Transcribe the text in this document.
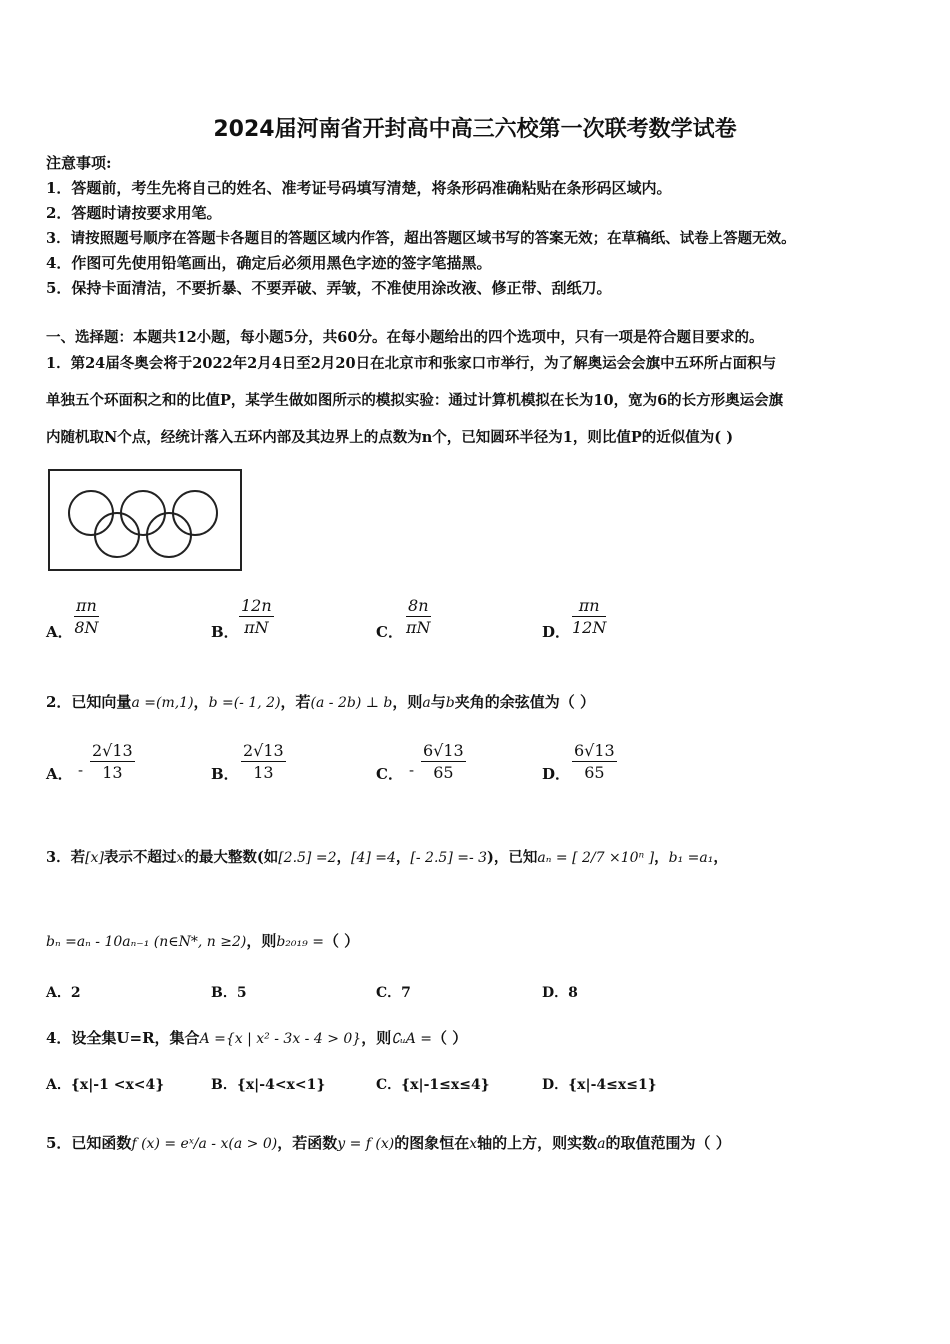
2024届河南省开封高中高三六校第一次联考数学试卷
注意事项:
1．答题前，考生先将自己的姓名、准考证号码填写清楚，将条形码准确粘贴在条形码区域内。
2．答题时请按要求用笔。
3．请按照题号顺序在答题卡各题目的答题区域内作答，超出答题区域书写的答案无效；在草稿纸、试卷上答题无效。
4．作图可先使用铅笔画出，确定后必须用黑色字迹的签字笔描黑。
5．保持卡面清洁，不要折暴、不要弄破、弄皱，不准使用涂改液、修正带、刮纸刀。
一、选择题：本题共12小题，每小题5分，共60分。在每小题给出的四个选项中，只有一项是符合题目要求的。
1．第24届冬奥会将于2022年2月4日至2月20日在北京市和张家口市举行，为了解奥运会会旗中五环所占面积与
单独五个环面积之和的比值P，某学生做如图所示的模拟实验：通过计算机模拟在长为10，宽为6的长方形奥运会旗
内随机取N个点，经统计落入五环内部及其边界上的点数为n个，已知圆环半径为1，则比值P的近似值为( )
A． $\frac{\pi n}{8N}$	B． $\frac{12n}{\pi N}$	C． $\frac{8n}{\pi N}$	D． $\frac{\pi n}{12N}$
2．已知向量a =(m,1)，b =(- 1, 2)，若(a - 2b) ⊥ b，则a与b夹角的余弦值为（ ）
A． - $\frac{2√13}{13}$	B． $\frac{2√13}{13}$	C． - $\frac{6√13}{65}$	D． $\frac{6√13}{65}$
3．若[x]表示不超过x的最大整数(如[2.5] =2，[4] =4，[- 2.5] =- 3)，已知aₙ = [ 2/7 ×10ⁿ ]，b₁ =a₁，
bₙ =aₙ - 10aₙ₋₁ (n∈N*, n ≥2)，则b₂₀₁₉ =（ ）
A．2	B．5	C．7	D．8
4．设全集U=R，集合A ={x | x² - 3x - 4 > 0}，则∁ᵤA =（ ）
A．{x|-1 <x<4}	B．{x|-4<x<1}	C．{x|-1≤x≤4}	D．{x|-4≤x≤1}
5．已知函数f (x) = eˣ/a - x(a > 0)，若函数y = f (x)的图象恒在x轴的上方，则实数a的取值范围为（ ）
